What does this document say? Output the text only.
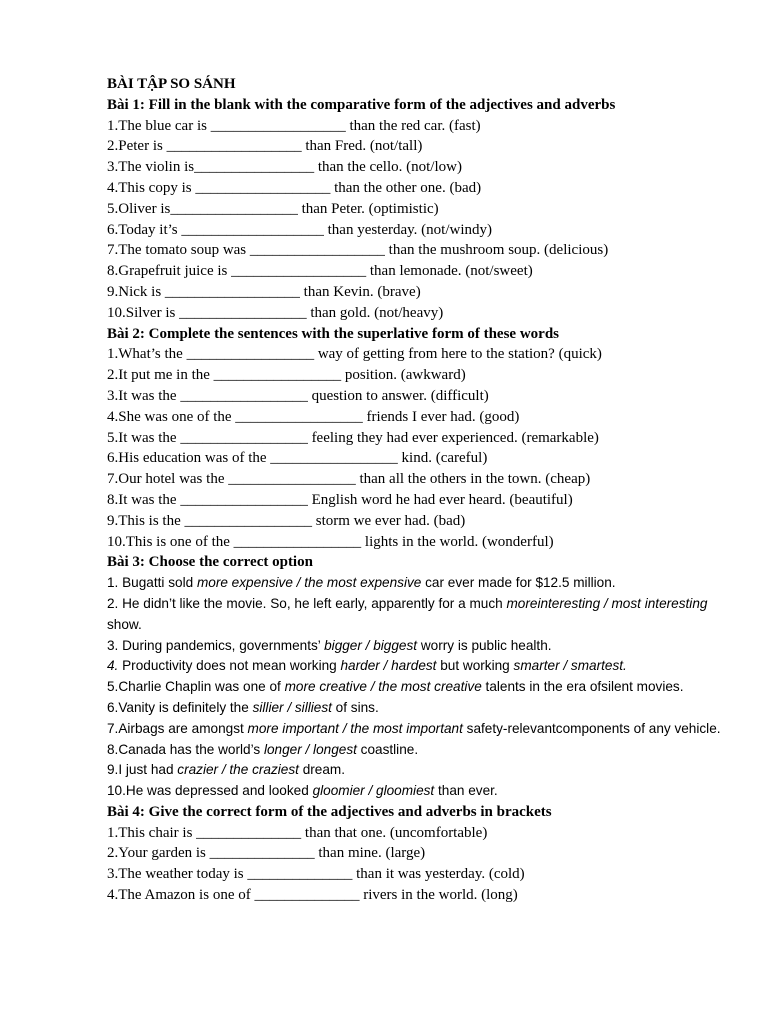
BÀI TẬP SO SÁNH
Bài 1: Fill in the blank with the comparative form of the adjectives and adverbs
1.The blue car is __________________ than the red car. (fast)
2.Peter is __________________ than Fred. (not/tall)
3.The violin is________________ than the cello. (not/low)
4.This copy is __________________ than the other one. (bad)
5.Oliver is_________________ than Peter. (optimistic)
6.Today it’s ___________________ than yesterday. (not/windy)
7.The tomato soup was __________________ than the mushroom soup. (delicious)
8.Grapefruit juice is __________________ than lemonade. (not/sweet)
9.Nick is __________________ than Kevin. (brave)
10.Silver is _________________ than gold. (not/heavy)
Bài 2: Complete the sentences with the superlative form of these words
1.What’s the _________________ way of getting from here to the station? (quick)
2.It put me in the _________________ position. (awkward)
3.It was the _________________ question to answer. (difficult)
4.She was one of the _________________ friends I ever had. (good)
5.It was the _________________ feeling they had ever experienced. (remarkable)
6.His education was of the _________________ kind. (careful)
7.Our hotel was the _________________ than all the others in the town. (cheap)
8.It was the _________________ English word he had ever heard. (beautiful)
9.This is the _________________ storm we ever had. (bad)
10.This is one of the _________________ lights in the world. (wonderful)
Bài 3: Choose the correct option
1. Bugatti sold more expensive / the most expensive car ever made for $12.5 million.
2. He didn’t like the movie. So, he left early, apparently for a much moreinteresting / most interesting show.
3. During pandemics, governments’ bigger / biggest worry is public health.
4. Productivity does not mean working harder / hardest but working smarter / smartest.
5.Charlie Chaplin was one of more creative / the most creative talents in the era ofsilent movies.
6.Vanity is definitely the sillier / silliest of sins.
7.Airbags are amongst more important / the most important safety-relevantcomponents of any vehicle.
8.Canada has the world’s longer / longest coastline.
9.I just had crazier / the craziest dream.
10.He was depressed and looked gloomier / gloomiest than ever.
Bài 4: Give the correct form of the adjectives and adverbs in brackets
1.This chair is ______________ than that one. (uncomfortable)
2.Your garden is ______________ than mine. (large)
3.The weather today is ______________ than it was yesterday. (cold)
4.The Amazon is one of ______________ rivers in the world. (long)
